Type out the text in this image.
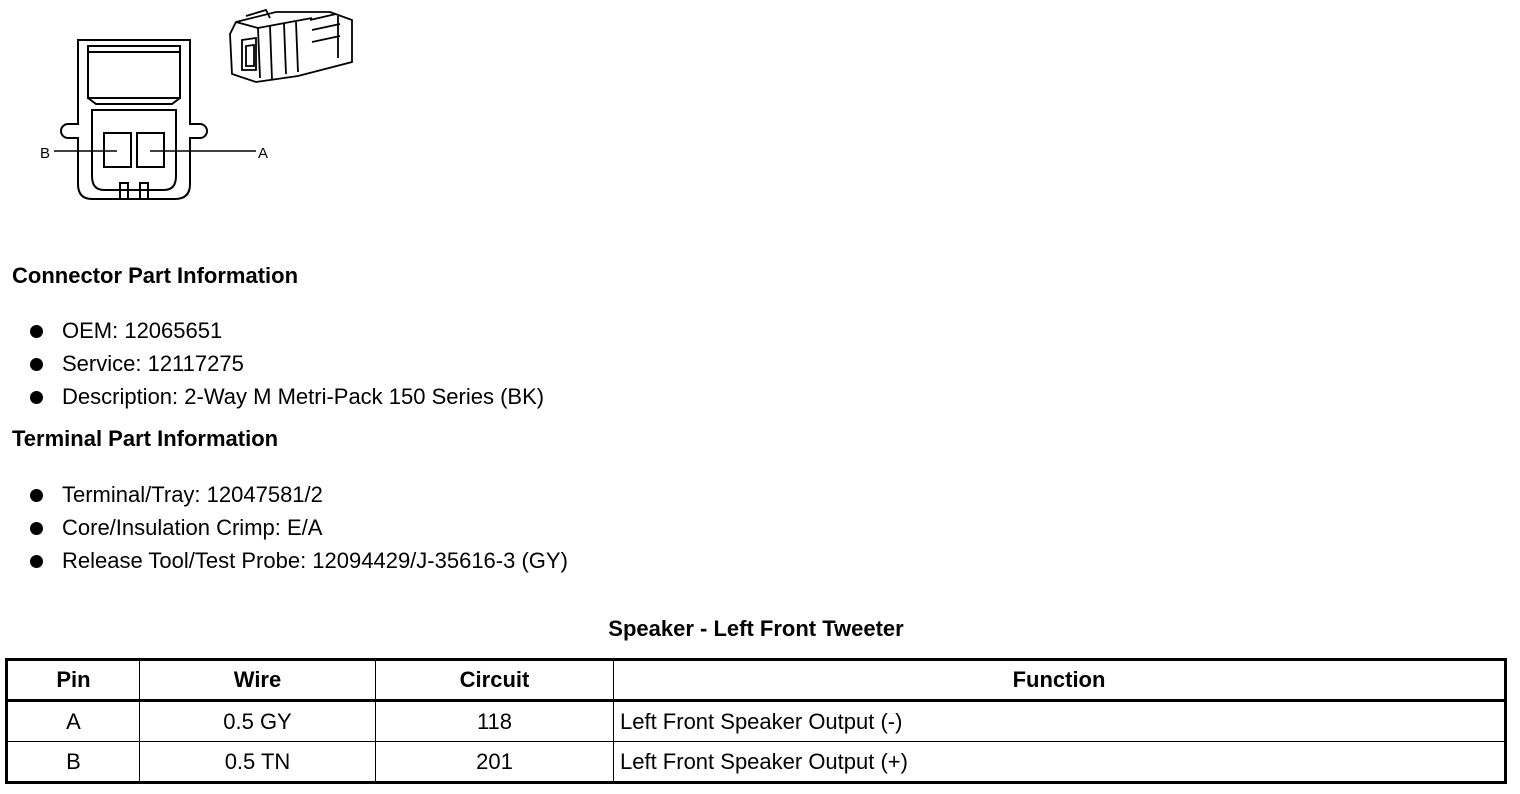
B	A
Connector Part Information
OEM: 12065651
Service: 12117275
Description: 2-Way M Metri-Pack 150 Series (BK)
Terminal Part Information
Terminal/Tray: 12047581/2
Core/Insulation Crimp: E/A
Release Tool/Test Probe: 12094429/J-35616-3 (GY)
Speaker - Left Front Tweeter
Pin	Wire	Circuit	Function
A	0.5 GY	118	Left Front Speaker Output (-)
B	0.5 TN	201	Left Front Speaker Output (+)
